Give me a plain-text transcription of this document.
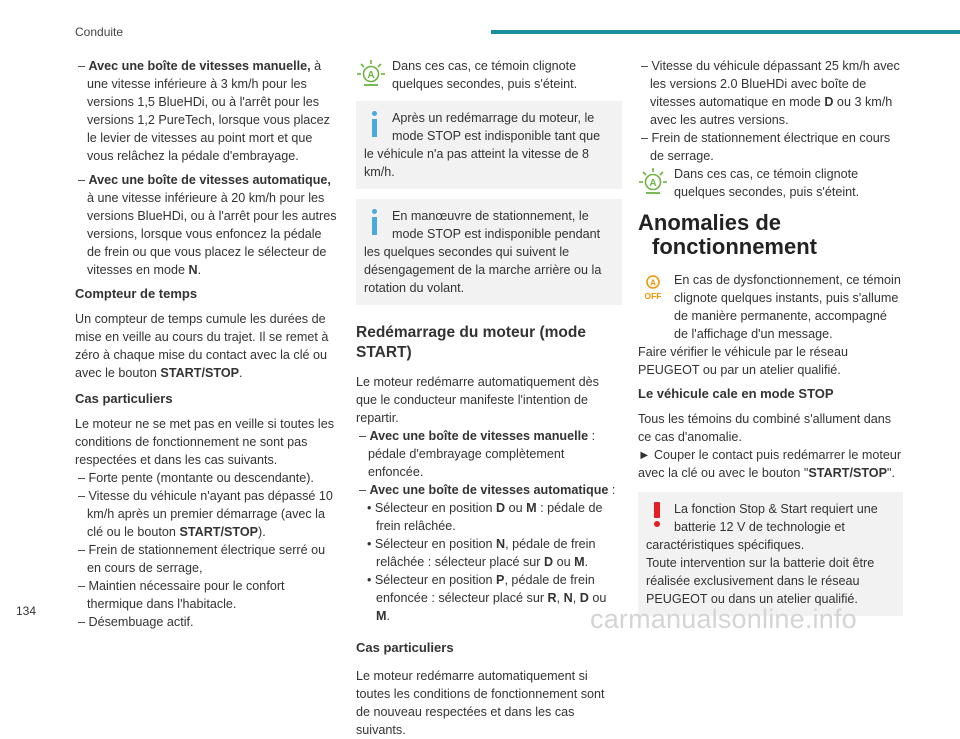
Conduite

– Avec une boîte de vitesses manuelle, à une vitesse inférieure à 3 km/h pour les versions 1,5 BlueHDi, ou à l'arrêt pour les versions 1,2 PureTech, lorsque vous placez le levier de vitesses au point mort et que vous relâchez la pédale d'embrayage.

– Avec une boîte de vitesses automatique, à une vitesse inférieure à 20 km/h pour les versions BlueHDi, ou à l'arrêt pour les autres versions, lorsque vous enfoncez la pédale de frein ou que vous placez le sélecteur de vitesses en mode N.

Compteur de temps

Un compteur de temps cumule les durées de mise en veille au cours du trajet. Il se remet à zéro à chaque mise du contact avec la clé ou avec le bouton START/STOP.

Cas particuliers

Le moteur ne se met pas en veille si toutes les conditions de fonctionnement ne sont pas respectées et dans les cas suivants.

– Forte pente (montante ou descendante).

– Vitesse du véhicule n'ayant pas dépassé 10 km/h après un premier démarrage (avec la clé ou le bouton START/STOP).

– Frein de stationnement électrique serré ou en cours de serrage,

– Maintien nécessaire pour le confort thermique dans l'habitacle.

– Désembuage actif.

A
Dans ces cas, ce témoin clignote quelques secondes, puis s'éteint.
Après un redémarrage du moteur, le mode STOP est indisponible tant que le véhicule n'a pas atteint la vitesse de 8 km/h.
En manœuvre de stationnement, le mode STOP est indisponible pendant les quelques secondes qui suivent le désengagement de la marche arrière ou la rotation du volant.
Redémarrage du moteur (mode START)

Le moteur redémarre automatiquement dès que le conducteur manifeste l'intention de repartir.

– Avec une boîte de vitesses manuelle : pédale d'embrayage complètement enfoncée.

– Avec une boîte de vitesses automatique :

• Sélecteur en position D ou M : pédale de frein relâchée.

• Sélecteur en position N, pédale de frein relâchée : sélecteur placé sur D ou M.

• Sélecteur en position P, pédale de frein enfoncée : sélecteur placé sur R, N, D ou M.

Cas particuliers

Le moteur redémarre automatiquement si toutes les conditions de fonctionnement sont de nouveau respectées et dans les cas suivants.

– Vitesse du véhicule dépassant 25 km/h avec les versions 2.0 BlueHDi avec boîte de vitesses automatique en mode D ou 3 km/h avec les autres versions.

– Frein de stationnement électrique en cours de serrage.

A
Dans ces cas, ce témoin clignote quelques secondes, puis s'éteint.
Anomalies de
fonctionnement
A
OFF
En cas de dysfonctionnement, ce témoin clignote quelques instants, puis s'allume de manière permanente, accompagné de l'affichage d'un message.

Faire vérifier le véhicule par le réseau PEUGEOT ou par un atelier qualifié.

Le véhicule cale en mode STOP

Tous les témoins du combiné s'allument dans ce cas d'anomalie.

► Couper le contact puis redémarrer le moteur avec la clé ou avec le bouton "START/STOP".

La fonction Stop & Start requiert une batterie 12 V de technologie et caractéristiques spécifiques.

Toute intervention sur la batterie doit être réalisée exclusivement dans le réseau PEUGEOT ou dans un atelier qualifié.

134	carmanualsonline.info
